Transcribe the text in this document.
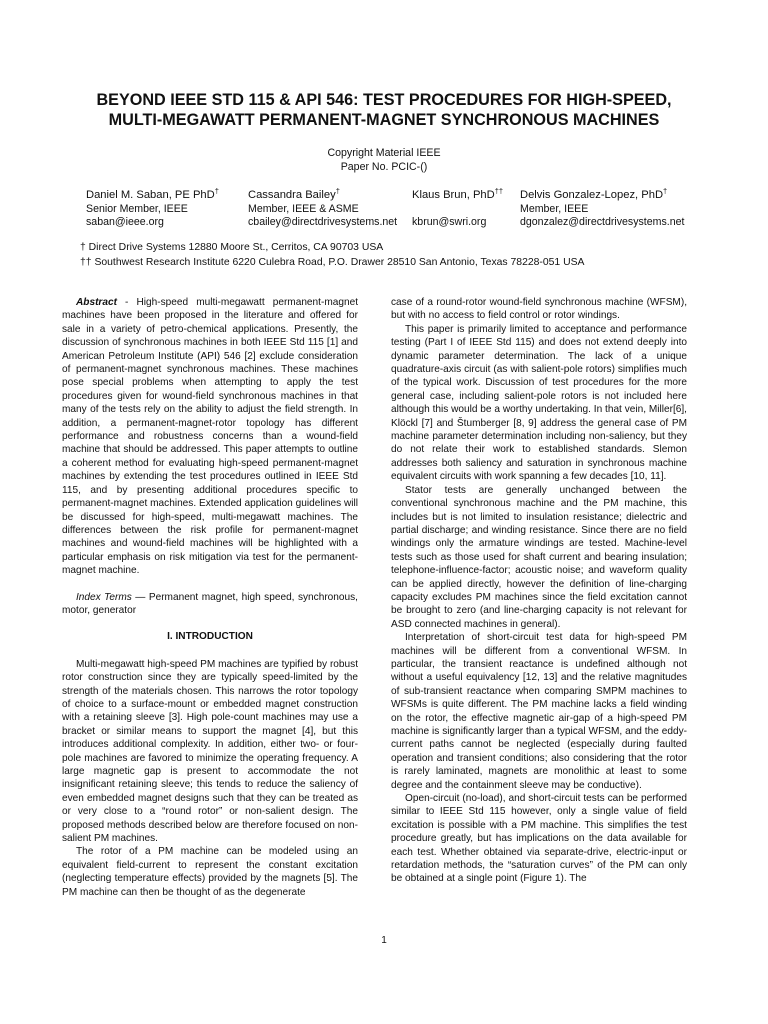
BEYOND IEEE STD 115 & API 546: TEST PROCEDURES FOR HIGH-SPEED,
MULTI-MEGAWATT PERMANENT-MAGNET SYNCHRONOUS MACHINES
Copyright Material IEEE
Paper No. PCIC-()
Daniel M. Saban, PE PhD†
Senior Member, IEEE
saban@ieee.org
Cassandra Bailey†
Member, IEEE & ASME
cbailey@directdrivesystems.net
Klaus Brun, PhD††

kbrun@swri.org
Delvis Gonzalez-Lopez, PhD†
Member, IEEE
dgonzalez@directdrivesystems.net
† Direct Drive Systems 12880 Moore St., Cerritos, CA 90703 USA
†† Southwest Research Institute 6220 Culebra Road, P.O. Drawer 28510 San Antonio, Texas 78228-051 USA

Abstract - High-speed multi-megawatt permanent-magnet machines have been proposed in the literature and offered for sale in a variety of petro-chemical applications. Presently, the discussion of synchronous machines in both IEEE Std 115 [1] and American Petroleum Institute (API) 546 [2] exclude consideration of permanent-magnet synchronous machines. These machines pose special problems when attempting to apply the test procedures given for wound-field synchronous machines in that many of the tests rely on the ability to adjust the field strength. In addition, a permanent-magnet-rotor topology has different performance and robustness concerns than a wound-field machine that should be addressed. This paper attempts to outline a coherent method for evaluating high-speed permanent-magnet machines by extending the test procedures outlined in IEEE Std 115, and by presenting additional procedures specific to permanent-magnet machines. Extended application guidelines will be discussed for high-speed, multi-megawatt machines. The differences between the risk profile for permanent-magnet machines and wound-field machines will be highlighted with a particular emphasis on risk mitigation via test for the permanent-magnet machine.

Index Terms — Permanent magnet, high speed, synchronous, motor, generator

I. INTRODUCTION

Multi-megawatt high-speed PM machines are typified by robust rotor construction since they are typically speed-limited by the strength of the materials chosen. This narrows the rotor topology of choice to a surface-mount or embedded magnet construction with a retaining sleeve [3]. High pole-count machines may use a bracket or similar means to support the magnet [4], but this introduces additional complexity. In addition, either two- or four-pole machines are favored to minimize the operating frequency. A large magnetic gap is present to accommodate the not insignificant retaining sleeve; this tends to reduce the saliency of even embedded magnet designs such that they can be treated as or very close to a “round rotor” or non-salient design. The proposed methods described below are therefore focused on non-salient PM machines.

The rotor of a PM machine can be modeled using an equivalent field-current to represent the constant excitation (neglecting temperature effects) provided by the magnets [5]. The PM machine can then be thought of as the degenerate

case of a round-rotor wound-field synchronous machine (WFSM), but with no access to field control or rotor windings.

This paper is primarily limited to acceptance and performance testing (Part I of IEEE Std 115) and does not extend deeply into dynamic parameter determination. The lack of a unique quadrature-axis circuit (as with salient-pole rotors) simplifies much of the typical work. Discussion of test procedures for the more general case, including salient-pole rotors is not included here although this would be a worthy undertaking. In that vein, Miller[6], Klöckl [7] and Štumberger [8, 9] address the general case of PM machine parameter determination including non-saliency, but they do not relate their work to established standards. Slemon addresses both saliency and saturation in synchronous machine equivalent circuits with work spanning a few decades [10, 11].

Stator tests are generally unchanged between the conventional synchronous machine and the PM machine, this includes but is not limited to insulation resistance; dielectric and partial discharge; and winding resistance. Since there are no field windings only the armature windings are tested. Machine-level tests such as those used for shaft current and bearing insulation; telephone-influence-factor; acoustic noise; and waveform quality can be applied directly, however the definition of line-charging capacity excludes PM machines since the field excitation cannot be brought to zero (and line-charging capacity is not relevant for ASD connected machines in general).

Interpretation of short-circuit test data for high-speed PM machines will be different from a conventional WFSM. In particular, the transient reactance is undefined although not without a useful equivalency [12, 13] and the relative magnitudes of sub-transient reactance when comparing SMPM machines to WFSMs is quite different. The PM machine lacks a field winding on the rotor, the effective magnetic air-gap of a high-speed PM machine is significantly larger than a typical WFSM, and the eddy-current paths cannot be neglected (especially during faulted operation and transient conditions; also considering that the rotor is rarely laminated, magnets are monolithic at least to some degree and the containment sleeve may be conductive).

Open-circuit (no-load), and short-circuit tests can be performed similar to IEEE Std 115 however, only a single value of field excitation is possible with a PM machine. This simplifies the test procedure greatly, but has implications on the data available for each test. Whether obtained via separate-drive, electric-input or retardation methods, the “saturation curves” of the PM can only be obtained at a single point (Figure 1). The

1
